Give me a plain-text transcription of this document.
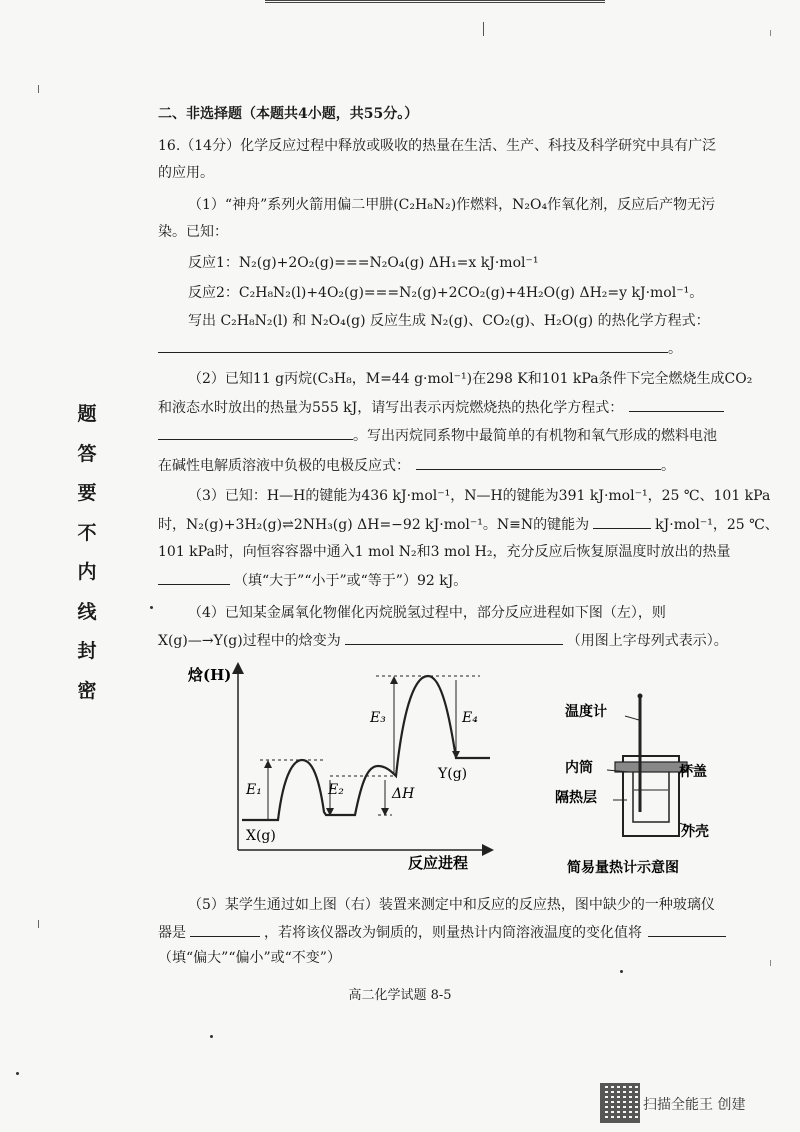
题
答
要
不
内
线
封
密
二、非选择题（本题共4小题，共55分。）
16.（14分）化学反应过程中释放或吸收的热量在生活、生产、科技及科学研究中具有广泛
的应用。
（1）“神舟”系列火箭用偏二甲肼(C₂H₈N₂)作燃料，N₂O₄作氧化剂，反应后产物无污
染。已知：
反应1：N₂(g)+2O₂(g)===N₂O₄(g) ΔH₁=x kJ·mol⁻¹
反应2：C₂H₈N₂(l)+4O₂(g)===N₂(g)+2CO₂(g)+4H₂O(g) ΔH₂=y kJ·mol⁻¹。
写出 C₂H₈N₂(l) 和 N₂O₄(g) 反应生成 N₂(g)、CO₂(g)、H₂O(g) 的热化学方程式：
。
（2）已知11 g丙烷(C₃H₈，M=44 g·mol⁻¹)在298 K和101 kPa条件下完全燃烧生成CO₂
和液态水时放出的热量为555 kJ，请写出表示丙烷燃烧热的热化学方程式：
。写出丙烷同系物中最简单的有机物和氧气形成的燃料电池
在碱性电解质溶液中负极的电极反应式：	。
（3）已知：H—H的键能为436 kJ·mol⁻¹，N—H的键能为391 kJ·mol⁻¹，25 ℃、101 kPa
时，N₂(g)+3H₂(g)⇌2NH₃(g) ΔH=−92 kJ·mol⁻¹。N≡N的键能为	kJ·mol⁻¹，25 ℃、
101 kPa时，向恒容容器中通入1 mol N₂和3 mol H₂，充分反应后恢复原温度时放出的热量
（填“大于”“小于”或“等于”）92 kJ。
（4）已知某金属氧化物催化丙烷脱氢过程中，部分反应进程如下图（左），则
X(g)—→Y(g)过程中的焓变为	（用图上字母列式表示）。
焓(H)
反应进程
X(g)
Y(g)
E₁	E₂
E₃	E₄
ΔH
温度计
内筒	杯盖
隔热层
外壳
简易量热计示意图
（5）某学生通过如上图（右）装置来测定中和反应的反应热，图中缺少的一种玻璃仪
器是	，若将该仪器改为铜质的，则量热计内筒溶液温度的变化值将
（填“偏大”“偏小”或“不变”）
高二化学试题 8-5
扫描全能王 创建
